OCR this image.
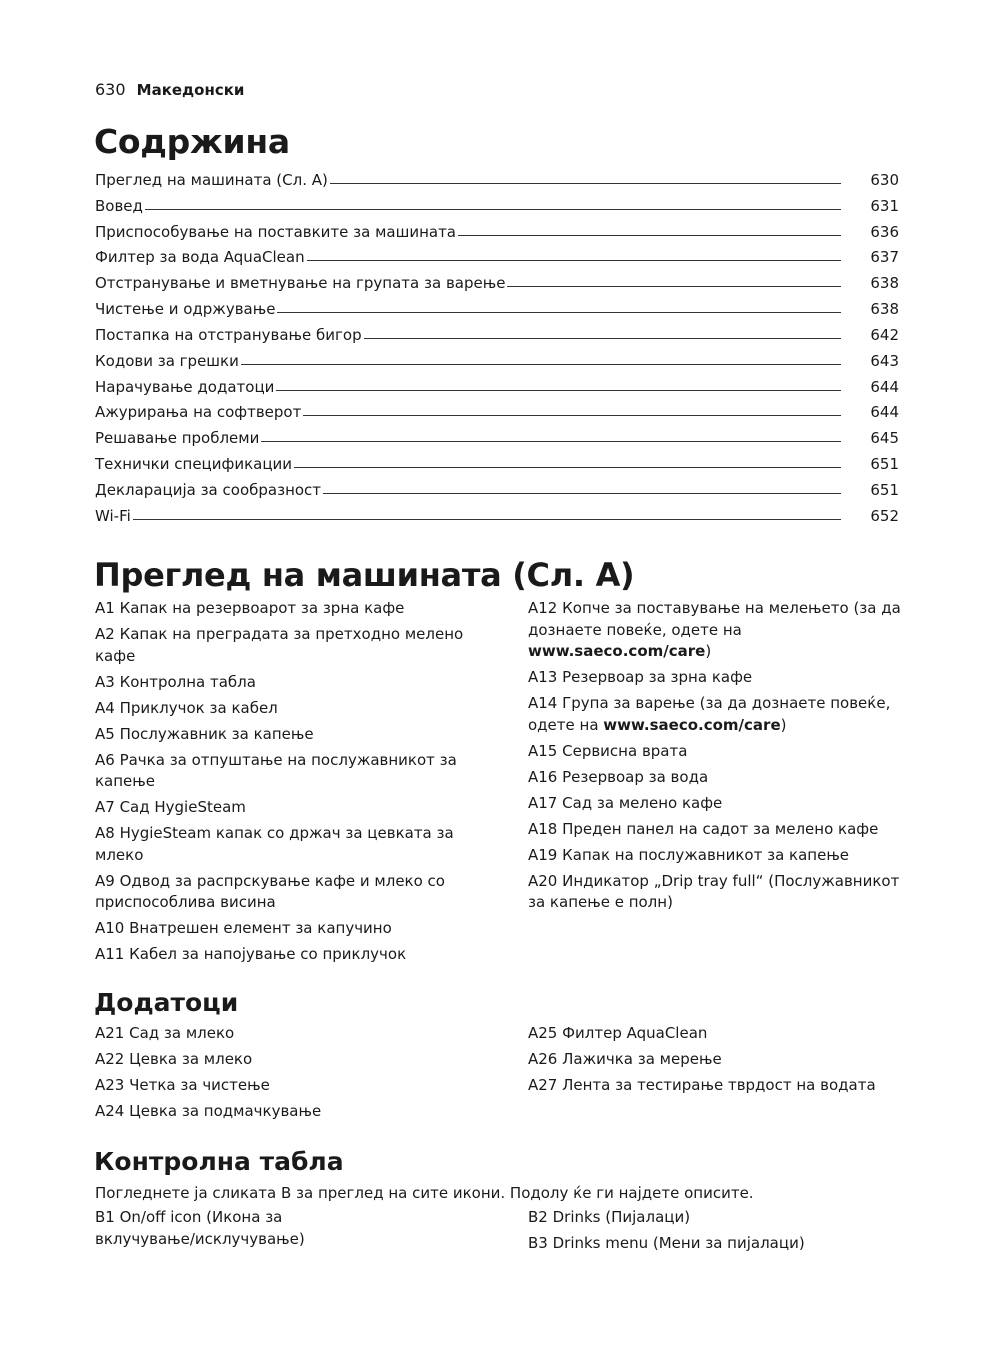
630 Македонски
Содржина
Преглед на машината (Сл. A)	630
Вовед	631
Приспособување на поставките за машината	636
Филтер за вода AquaClean	637
Отстранување и вметнување на групата за варење	638
Чистење и одржување	638
Постапка на отстранување бигор	642
Кодови за грешки	643
Нарачување додатоци	644
Ажурирања на софтверот	644
Решавање проблеми	645
Технички спецификации	651
Декларација за сообразност	651
Wi-Fi	652
Преглед на машината (Сл. A)
A1 Капак на резервоарот за зрна кафе
A2 Капак на преградата за претходно мелено кафе
A3 Контролна табла
A4 Приклучок за кабел
A5 Послужавник за капење
A6 Рачка за отпуштање на послужавникот за капење
A7 Сад HygieSteam
A8 HygieSteam капак со држач за цевката за млеко
A9 Одвод за распрскување кафе и млеко со приспособлива висина
A10 Внатрешен елемент за капучино
A11 Кабел за напојување со приклучок
A12 Копче за поставување на мелењето (за да дознаете повеќе, одете на www.saeco.com/care)
A13 Резервоар за зрна кафе
A14 Група за варење (за да дознаете повеќе, одете на www.saeco.com/care)
A15 Сервисна врата
A16 Резервоар за вода
A17 Сад за мелено кафе
A18 Преден панел на садот за мелено кафе
A19 Капак на послужавникот за капење
A20 Индикатор „Drip tray full“ (Послужавникот за капење е полн)
Додатоци
A21 Сад за млеко
A22 Цевка за млеко
A23 Четка за чистење
A24 Цевка за подмачкување
A25 Филтер AquaClean
A26 Лажичка за мерење
A27 Лента за тестирање тврдост на водата
Контролна табла
Погледнете ја сликата B за преглед на сите икони. Подолу ќе ги најдете описите.
B1 On/off icon (Икона за вклучување/исклучување)
B2 Drinks (Пијалаци)
B3 Drinks menu (Мени за пијалаци)
